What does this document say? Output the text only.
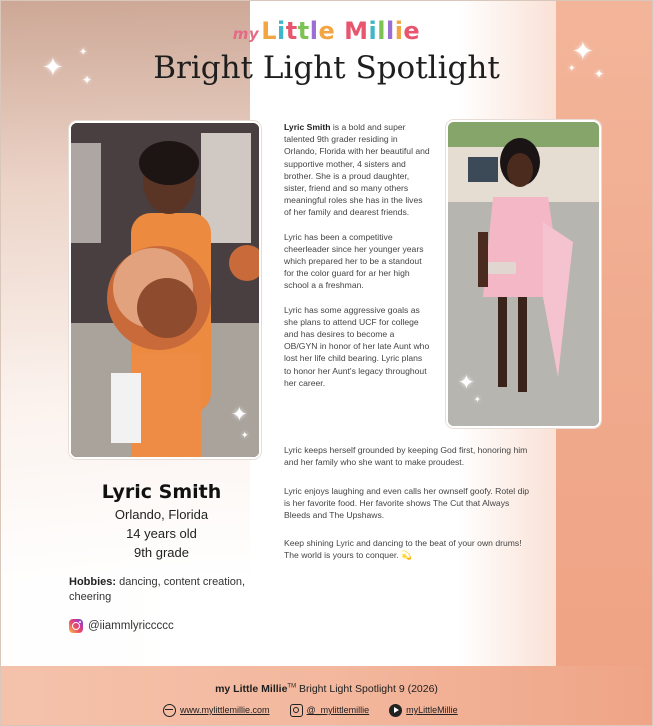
✦ ✦
✦
✦
✦ ✦
myLittle Millie
Bright Light Spotlight
✦
✦
✦
✦

Lyric Smith is a bold and super talented 9th grader residing in Orlando, Florida with her beautiful and supportive mother, 4 sisters and brother. She is a proud daughter, sister, friend and so many others meaningful roles she has in the lives of her family and dearest friends.

Lyric has been a competitive cheerleader since her younger years which prepared her to be a standout for the color guard for ar her high school a a freshman.

Lyric has some aggressive goals as she plans to attend UCF for college and has desires to become a OB/GYN in honor of her late Aunt who lost her life child bearing. Lyric plans to honor her Aunt's legacy throughout her career.

Lyric keeps herself grounded by keeping God first, honoring him and her family who she want to make proudest.
Lyric enjoys laughing and even calls her ownself goofy. Rotel dip is her favorite food. Her favorite shows The Cut that Always Bleeds and The Upshaws.
Keep shining Lyric and dancing to the beat of your own drums! The world is yours to conquer. 💫
Lyric Smith
Orlando, Florida
14 years old
9th grade
Hobbies: dancing, content creation, cheering
@iiammlyriccccc
my Little Millie™ Bright Light Spotlight 9 (2026)
www.mylittlemillie.com	@_mylittlemillie	myLittleMillie
